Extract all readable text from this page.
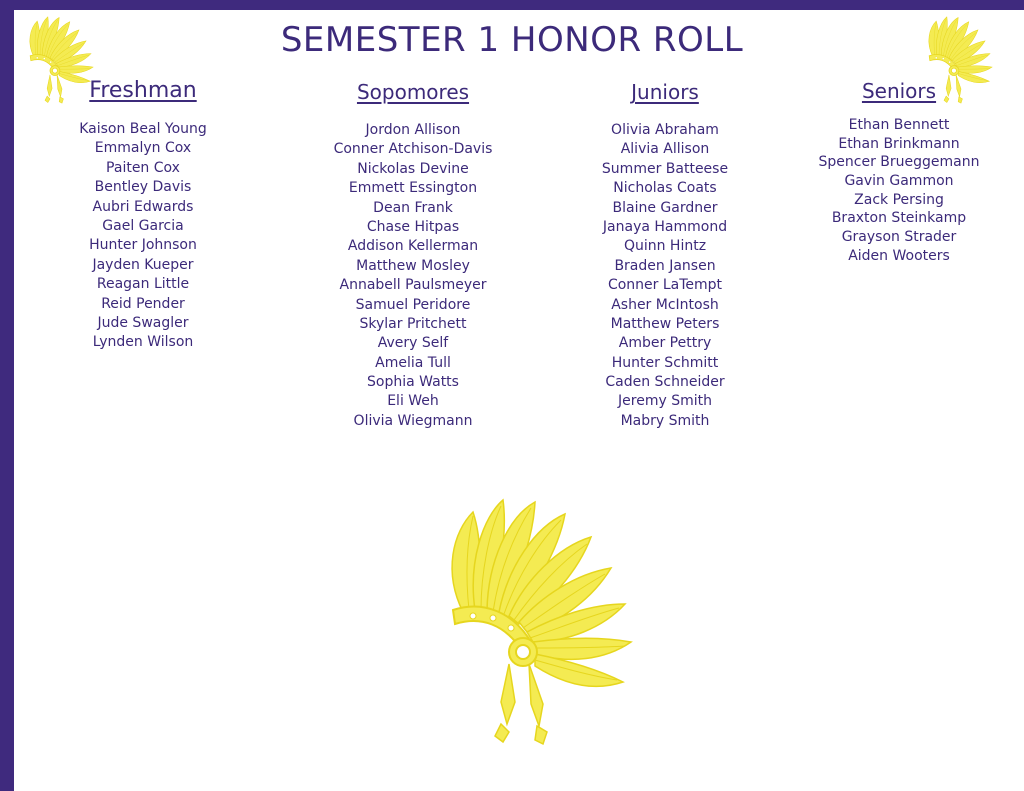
SEMESTER 1 HONOR ROLL
Freshman
Kaison Beal Young
Emmalyn Cox
Paiten Cox
Bentley Davis
Aubri Edwards
Gael Garcia
Hunter Johnson
Jayden Kueper
Reagan Little
Reid Pender
Jude Swagler
Lynden Wilson
Sopomores
Jordon Allison
Conner Atchison-Davis
Nickolas Devine
Emmett Essington
Dean Frank
Chase Hitpas
Addison Kellerman
Matthew Mosley
Annabell Paulsmeyer
Samuel Peridore
Skylar Pritchett
Avery Self
Amelia Tull
Sophia Watts
Eli Weh
Olivia Wiegmann
Juniors
Olivia Abraham
Alivia Allison
Summer Batteese
Nicholas Coats
Blaine Gardner
Janaya Hammond
Quinn Hintz
Braden Jansen
Conner LaTempt
Asher McIntosh
Matthew Peters
Amber Pettry
Hunter Schmitt
Caden Schneider
Jeremy Smith
Mabry Smith
Seniors
Ethan Bennett
Ethan Brinkmann
Spencer Brueggemann
Gavin Gammon
Zack Persing
Braxton Steinkamp
Grayson Strader
Aiden Wooters
